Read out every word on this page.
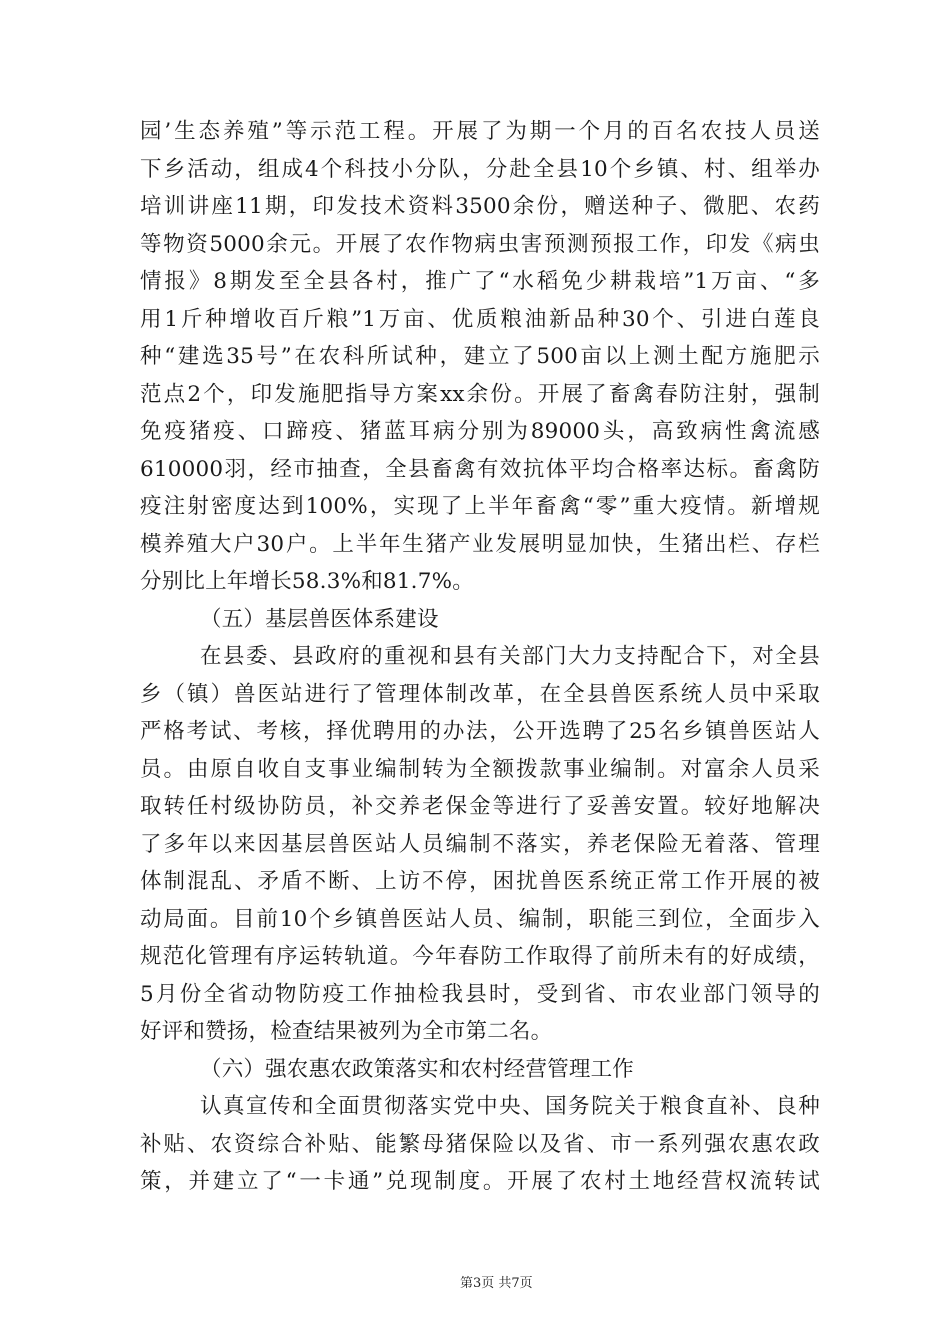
园’生态养殖”等示范工程。开展了为期一个月的百名农技人员送
下乡活动，组成4个科技小分队，分赴全县10个乡镇、村、组举办
培训讲座11期，印发技术资料3500余份，赠送种子、微肥、农药
等物资5000余元。开展了农作物病虫害预测预报工作，印发《病虫
情报》8期发至全县各村，推广了“水稻免少耕栽培”1万亩、“多
用1斤种增收百斤粮”1万亩、优质粮油新品种30个、引进白莲良
种“建选35号”在农科所试种，建立了500亩以上测土配方施肥示
范点2个，印发施肥指导方案xx余份。开展了畜禽春防注射，强制
免疫猪疫、口蹄疫、猪蓝耳病分别为89000头，高致病性禽流感
610000羽，经市抽查，全县畜禽有效抗体平均合格率达标。畜禽防
疫注射密度达到100%，实现了上半年畜禽“零”重大疫情。新增规
模养殖大户30户。上半年生猪产业发展明显加快，生猪出栏、存栏
分别比上年增长58.3%和81.7%。
（五）基层兽医体系建设
在县委、县政府的重视和县有关部门大力支持配合下，对全县
乡（镇）兽医站进行了管理体制改革，在全县兽医系统人员中采取
严格考试、考核，择优聘用的办法，公开选聘了25名乡镇兽医站人
员。由原自收自支事业编制转为全额拨款事业编制。对富余人员采
取转任村级协防员，补交养老保金等进行了妥善安置。较好地解决
了多年以来因基层兽医站人员编制不落实，养老保险无着落、管理
体制混乱、矛盾不断、上访不停，困扰兽医系统正常工作开展的被
动局面。目前10个乡镇兽医站人员、编制，职能三到位，全面步入
规范化管理有序运转轨道。今年春防工作取得了前所未有的好成绩，
5月份全省动物防疫工作抽检我县时，受到省、市农业部门领导的
好评和赞扬，检查结果被列为全市第二名。
（六）强农惠农政策落实和农村经营管理工作
认真宣传和全面贯彻落实党中央、国务院关于粮食直补、良种
补贴、农资综合补贴、能繁母猪保险以及省、市一系列强农惠农政
策，并建立了“一卡通”兑现制度。开展了农村土地经营权流转试
第3页 共7页
